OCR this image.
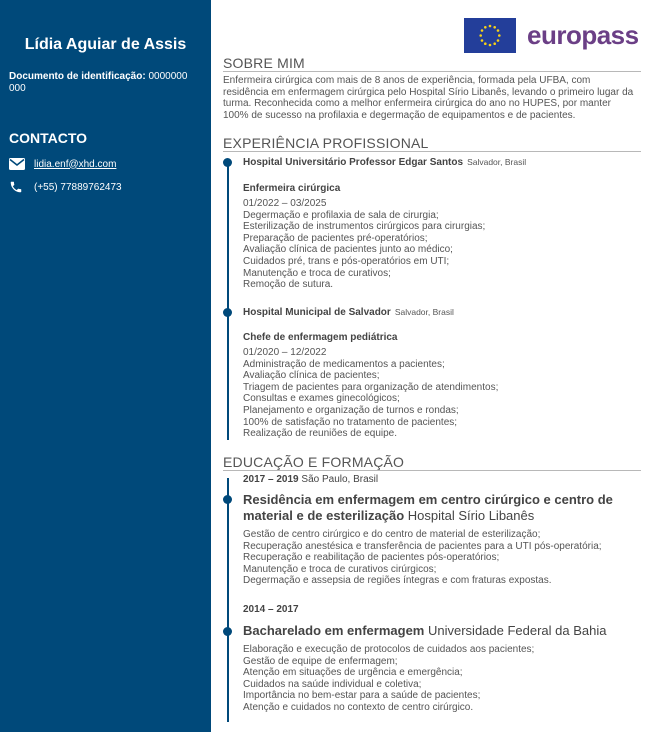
Lídia Aguiar de Assis
Documento de identificação: 0000000 000
CONTACTO
lidia.enf@xhd.com
(+55) 77889762473
europass
SOBRE MIM
Enfermeira cirúrgica com mais de 8 anos de experiência, formada pela UFBA, com residência em enfermagem cirúrgica pelo Hospital Sírio Libanês, levando o primeiro lugar da turma. Reconhecida como a melhor enfermeira cirúrgica do ano no HUPES, por manter 100% de sucesso na profilaxia e degermação de equipamentos e de pacientes.
EXPERIÊNCIA PROFISSIONAL
Hospital Universitário Professor Edgar Santos Salvador, Brasil
Enfermeira cirúrgica
01/2022 – 03/2025
Degermação e profilaxia de sala de cirurgia;
Esterilização de instrumentos cirúrgicos para cirurgias;
Preparação de pacientes pré-operatórios;
Avaliação clínica de pacientes junto ao médico;
Cuidados pré, trans e pós-operatórios em UTI;
Manutenção e troca de curativos;
Remoção de sutura.
Hospital Municipal de Salvador Salvador, Brasil
Chefe de enfermagem pediátrica
01/2020 – 12/2022
Administração de medicamentos a pacientes;
Avaliação clínica de pacientes;
Triagem de pacientes para organização de atendimentos;
Consultas e exames ginecológicos;
Planejamento e organização de turnos e rondas;
100% de satisfação no tratamento de pacientes;
Realização de reuniões de equipe.
EDUCAÇÃO E FORMAÇÃO
2017 – 2019 São Paulo, Brasil
Residência em enfermagem em centro cirúrgico e centro de material e de esterilização Hospital Sírio Libanês
Gestão de centro cirúrgico e do centro de material de esterilização;
Recuperação anestésica e transferência de pacientes para a UTI pós-operatória;
Recuperação e reabilitação de pacientes pós-operatórios;
Manutenção e troca de curativos cirúrgicos;
Degermação e assepsia de regiões íntegras e com fraturas expostas.
2014 – 2017
Bacharelado em enfermagem Universidade Federal da Bahia
Elaboração e execução de protocolos de cuidados aos pacientes;
Gestão de equipe de enfermagem;
Atenção em situações de urgência e emergência;
Cuidados na saúde individual e coletiva;
Importância no bem-estar para a saúde de pacientes;
Atenção e cuidados no contexto de centro cirúrgico.
